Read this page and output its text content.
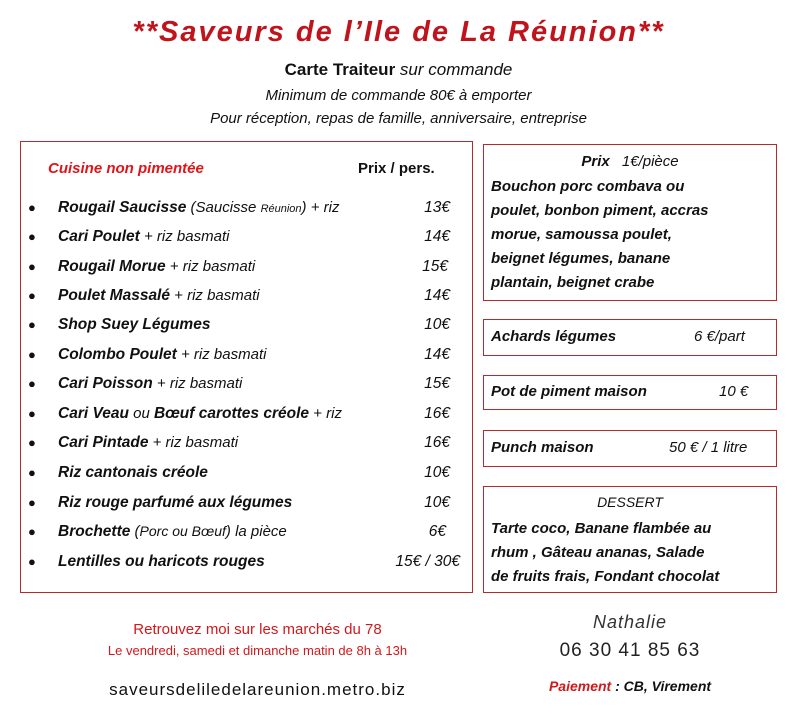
**Saveurs de l’Ile de La Réunion**
Carte Traiteur sur commande
Minimum de commande 80€ à emporter
Pour réception, repas de famille, anniversaire, entreprise
Cuisine non pimentée	Prix / pers.
● Rougail Saucisse (Saucisse Réunion) + riz	13€
● Cari Poulet + riz basmati	14€
● Rougail Morue + riz basmati	15€
● Poulet Massalé + riz basmati	14€
● Shop Suey Légumes	10€
● Colombo Poulet + riz basmati	14€
● Cari Poisson + riz basmati	15€
● Cari Veau ou Bœuf carottes créole + riz	16€
● Cari Pintade + riz basmati	16€
● Riz cantonais créole	10€
● Riz rouge parfumé aux légumes	10€
● Brochette (Porc ou Bœuf) la pièce	6€
● Lentilles ou haricots rouges	15€ / 30€
Prix 1€/pièce
Bouchon porc combava ou
poulet, bonbon piment, accras
morue, samoussa poulet,
beignet légumes, banane
plantain, beignet crabe
Achards légumes	6 €/part
Pot de piment maison	10 €
Punch maison	50 € / 1 litre
DESSERT
Tarte coco, Banane flambée au
rhum , Gâteau ananas, Salade
de fruits frais, Fondant chocolat
Retrouvez moi sur les marchés du 78
Le vendredi, samedi et dimanche matin de 8h à 13h
saveursdeliledelareunion.metro.biz
Nathalie
06 30 41 85 63
Paiement : CB, Virement
